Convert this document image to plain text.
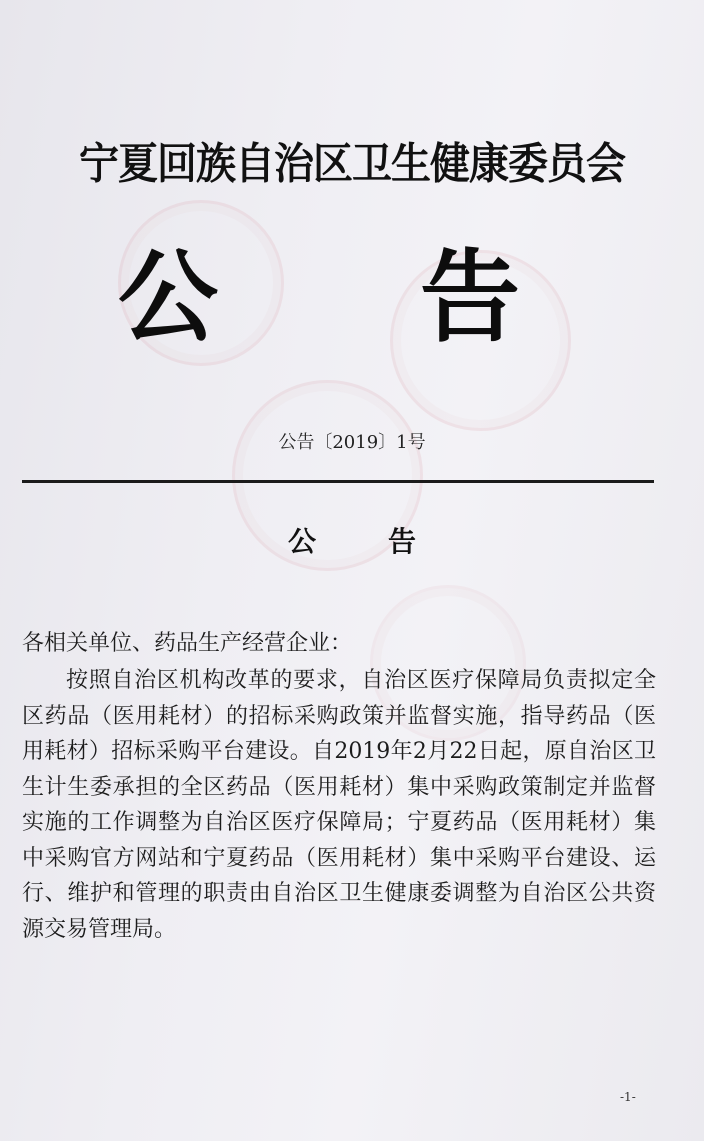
宁夏回族自治区卫生健康委员会
公 告
公告〔2019〕1号
公告
各相关单位、药品生产经营企业：

按照自治区机构改革的要求，自治区医疗保障局负责拟定全区药品（医用耗材）的招标采购政策并监督实施，指导药品（医用耗材）招标采购平台建设。自2019年2月22日起，原自治区卫生计生委承担的全区药品（医用耗材）集中采购政策制定并监督实施的工作调整为自治区医疗保障局；宁夏药品（医用耗材）集中采购官方网站和宁夏药品（医用耗材）集中采购平台建设、运行、维护和管理的职责由自治区卫生健康委调整为自治区公共资源交易管理局。

-1-
